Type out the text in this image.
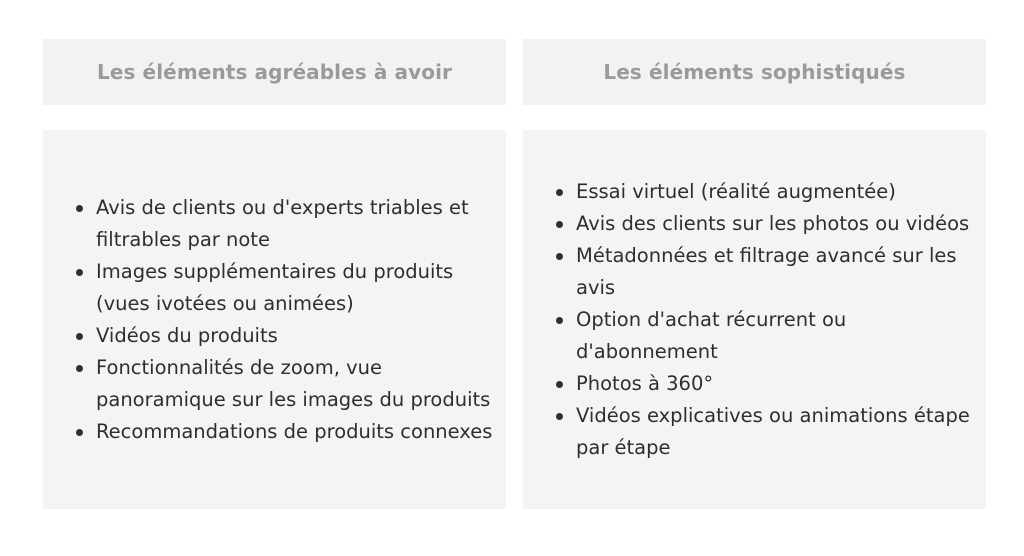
Les éléments agréables à avoir
Avis de clients ou d'experts triables et filtrables par note
Images supplémentaires du produits (vues ivotées ou animées)
Vidéos du produits
Fonctionnalités de zoom, vue panoramique sur les images du produits
Recommandations de produits connexes
Les éléments sophistiqués
Essai virtuel (réalité augmentée)
Avis des clients sur les photos ou vidéos
Métadonnées et filtrage avancé sur les avis
Option d'achat récurrent ou d'abonnement
Photos à 360°
Vidéos explicatives ou animations étape par étape
